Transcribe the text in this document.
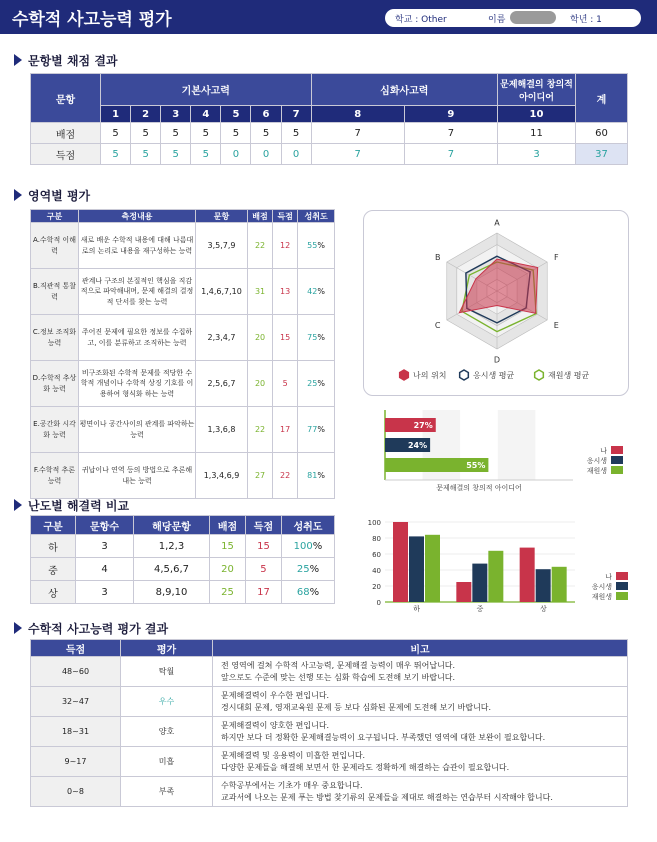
수학적 사고능력 평가	학교 : Other	이름	학년 : 1
문항별 채점 결과
문항	기본사고력							심화사고력		문제해결의 창의적 아이디어	계
	1	2	3	4	5	6	7	8	9	10	
배점	5	5	5	5	5	5	5	7	7	11	60
득점	5	5	5	5	0	0	0	7	7	3	37
영역별 평가
구분	측정내용	문항	배점	득점	성취도
A.수학적 이해력	새로 배운 수학적 내용에 대해 나름대로의 논리로 내용을 재구성하는 능력	3,5,7,9	22	12	55%
B.직관적 통찰력	관계나 구조의 본질적인 핵심을 직감적으로 파악해내며, 문제 해결의 결정적 단서를 찾는 능력	1,4,6,7,10	31	13	42%
C.정보 조직화 능력	주어진 문제에 필요한 정보를 수집하고, 이를 분류하고 조직하는 능력	2,3,4,7	20	15	75%
D.수학적 추상화 능력	비구조화된 수학적 문제를 적당한 수학적 개념이나 수학적 상징 기호를 이용하여 형식화 하는 능력	2,5,6,7	20	5	25%
E.공간화 시각화 능력	평면이나 공간사이의 관계를 파악하는 능력	1,3,6,8	22	17	77%
F.수학적 추론 능력	귀납이나 연역 등의 방법으로 추론해 내는 능력	1,3,4,6,9	27	22	81%
A
F
E
D
C
B
나의 위치	응시생 평균	재원생 평균
27%
나
24%
응시생
55%
재원생
문제해결의 창의적 아이디어
난도별 해결력 비교
구분	문항수	해당문항	배점	득점	성취도
하	3	1,2,3	15	15	100%
중	4	4,5,6,7	20	5	25%
상	3	8,9,10	25	17	68%
0
20
40
60
80
100
하	중	상
나
응시생
재원생
수학적 사고능력 평가 결과
득점	평가	비고
48~60	탁월	전 영역에 걸쳐 수학적 사고능력, 문제해결 능력이 매우 뛰어납니다.
앞으로도 수준에 맞는 선행 또는 심화 학습에 도전해 보기 바랍니다.

32~47	우수	문제해결력이 우수한 편입니다.
경시대회 문제, 영재교육원 문제 등 보다 심화된 문제에 도전해 보기 바랍니다.

18~31	양호	문제해결력이 양호한 편입니다.
하지만 보다 더 정확한 문제해결능력이 요구됩니다. 부족했던 영역에 대한 보완이 필요합니다.

9~17	미흡	문제해결력 및 응용력이 미흡한 편입니다.
다양한 문제들을 해결해 보면서 한 문제라도 정확하게 해결하는 습관이 필요합니다.

0~8	부족	수학공부에서는 기초가 매우 중요합니다.
교과서에 나오는 문제 푸는 방법 찾기류의 문제들을 제대로 해결하는 연습부터 시작해야 합니다.
